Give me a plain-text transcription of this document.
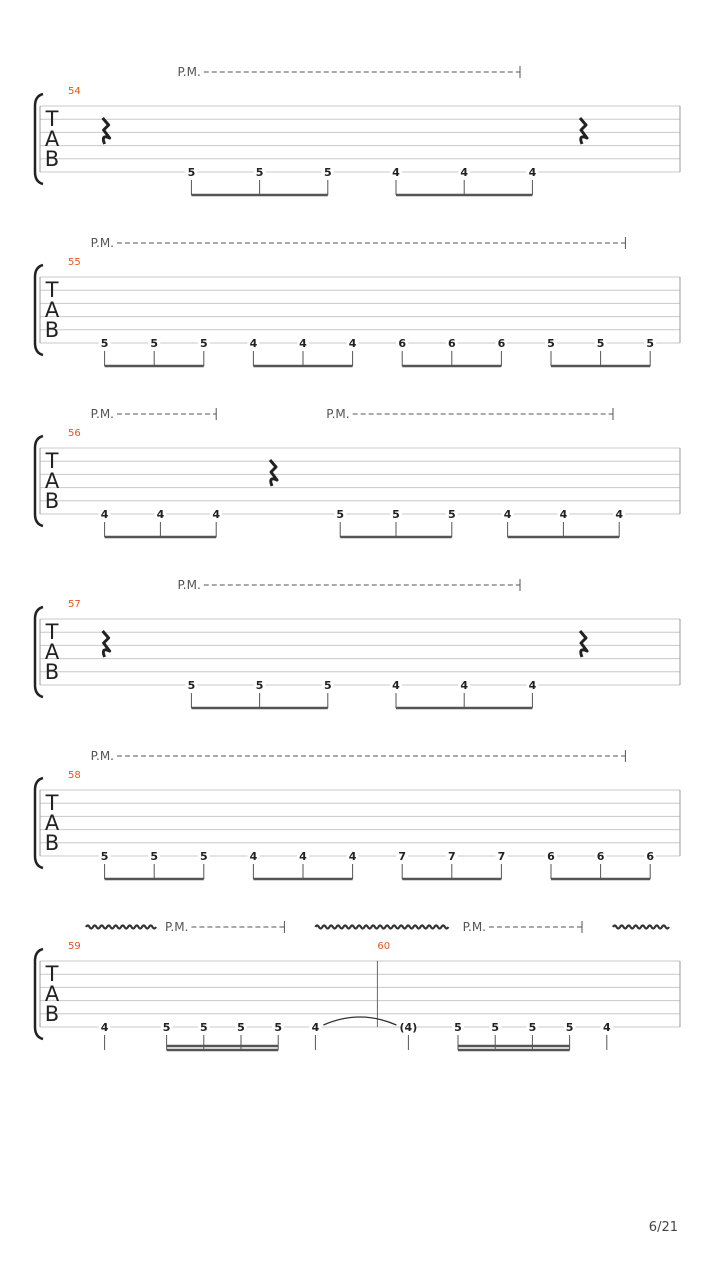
T
A
B
54
P.M.
5	5	5	4	4	4
T
A
B
55
P.M.
5	5	5	4	4	4	6	6	6	5	5	5
T
A
B
56
P.M.	P.M.
4	4	4	5	5	5	4	4	4
T
A
B
57
P.M.
5	5	5	4	4	4
T
A
B
58
P.M.
5	5	5	4	4	4	7	7	7	6	6	6
T
A
B
59	60
P.M.	P.M.
4	5	5	5	5	4	(4)	5	5	5	5	4
6/21
